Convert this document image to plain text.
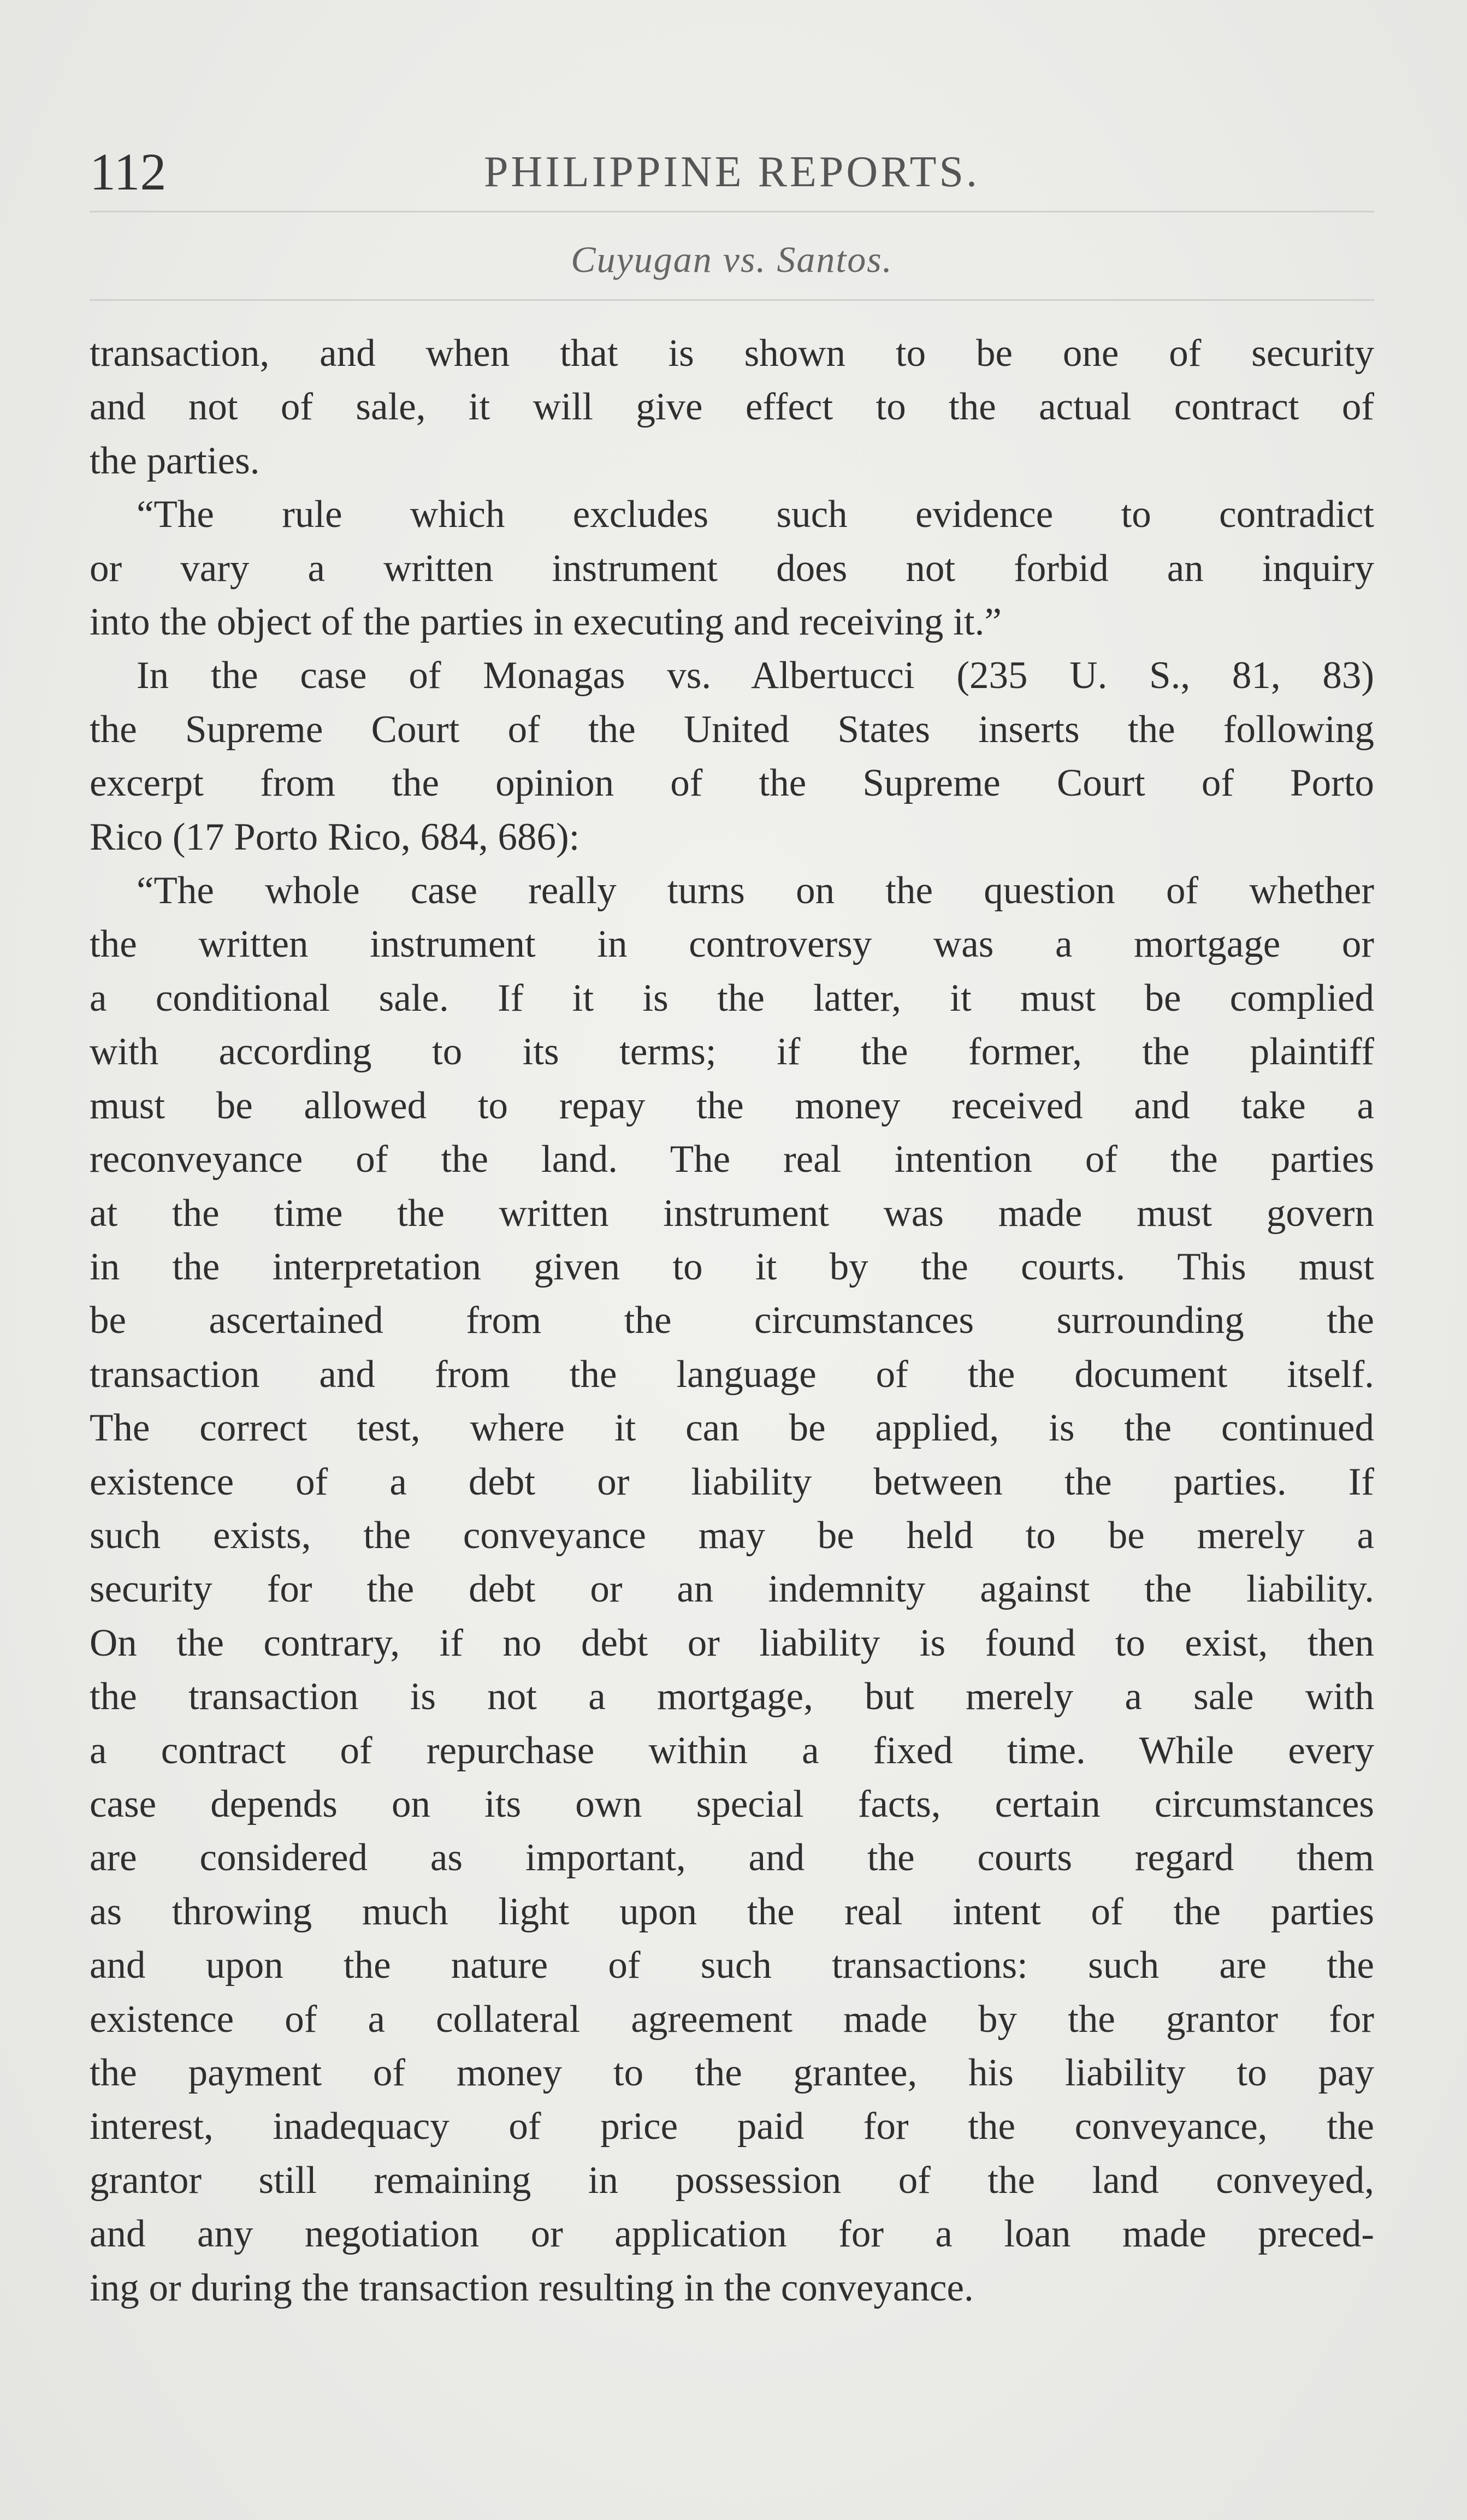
112	PHILIPPINE REPORTS.
Cuyugan vs. Santos.

transaction, and when that is shown to be one of security
and not of sale, it will give effect to the actual contract of
the parties.

“The rule which excludes such evidence to contradict
or vary a written instrument does not forbid an inquiry
into the object of the parties in executing and receiving it.”

In the case of Monagas vs. Albertucci (235 U. S., 81, 83)
the Supreme Court of the United States inserts the following
excerpt from the opinion of the Supreme Court of Porto
Rico (17 Porto Rico, 684, 686):

“The whole case really turns on the question of whether
the written instrument in controversy was a mortgage or
a conditional sale. If it is the latter, it must be complied
with according to its terms; if the former, the plaintiff
must be allowed to repay the money received and take a
reconveyance of the land. The real intention of the parties
at the time the written instrument was made must govern
in the interpretation given to it by the courts. This must
be ascertained from the circumstances surrounding the
transaction and from the language of the document itself.
The correct test, where it can be applied, is the continued
existence of a debt or liability between the parties. If
such exists, the conveyance may be held to be merely a
security for the debt or an indemnity against the liability.
On the contrary, if no debt or liability is found to exist, then
the transaction is not a mortgage, but merely a sale with
a contract of repurchase within a fixed time. While every
case depends on its own special facts, certain circumstances
are considered as important, and the courts regard them
as throwing much light upon the real intent of the parties
and upon the nature of such transactions: such are the
existence of a collateral agreement made by the grantor for
the payment of money to the grantee, his liability to pay
interest, inadequacy of price paid for the conveyance, the
grantor still remaining in possession of the land conveyed,
and any negotiation or application for a loan made preced-
ing or during the transaction resulting in the conveyance.
